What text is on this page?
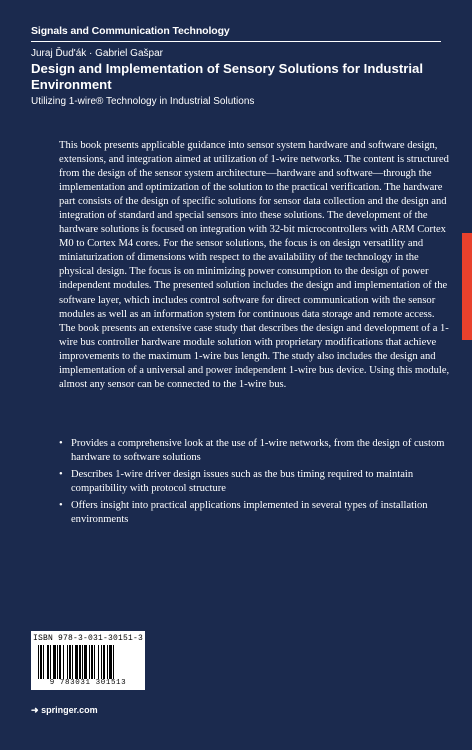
Signals and Communication Technology
Juraj Ďud'ák · Gabriel Gašpar
Design and Implementation of Sensory Solutions for Industrial Environment
Utilizing 1-wire® Technology in Industrial Solutions

This book presents applicable guidance into sensor system hardware and software design, extensions, and integration aimed at utilization of 1-wire networks. The content is structured from the design of the sensor system architecture—hardware and software—through the implementation and optimization of the solution to the practical verification. The hardware part consists of the design of specific solutions for sensor data collection and the design and integration of standard and special sensors into these solutions. The development of the hardware solutions is focused on integration with 32-bit microcontrollers with ARM Cortex M0 to Cortex M4 cores. For the sensor solutions, the focus is on design versatility and miniaturization of dimensions with respect to the availability of the technology in the physical design. The focus is on minimizing power consumption to the design of power independent modules. The presented solution includes the design and implementation of the software layer, which includes control software for direct communication with the sensor modules as well as an information system for continuous data storage and remote access. The book presents an extensive case study that describes the design and development of a 1-wire bus controller hardware module solution with proprietary modifications that achieve improvements to the maximum 1-wire bus length. The study also includes the design and implementation of a universal and power independent 1-wire bus device. Using this module, almost any sensor can be connected to the 1-wire bus.

• Provides a comprehensive look at the use of 1-wire networks, from the design of custom hardware to software solutions
• Describes 1-wire driver design issues such as the bus timing required to maintain compatibility with protocol structure
• Offers insight into practical applications implemented in several types of installation environments
ISBN 978-3-031-30151-3
9 783031 301513
➜ springer.com
